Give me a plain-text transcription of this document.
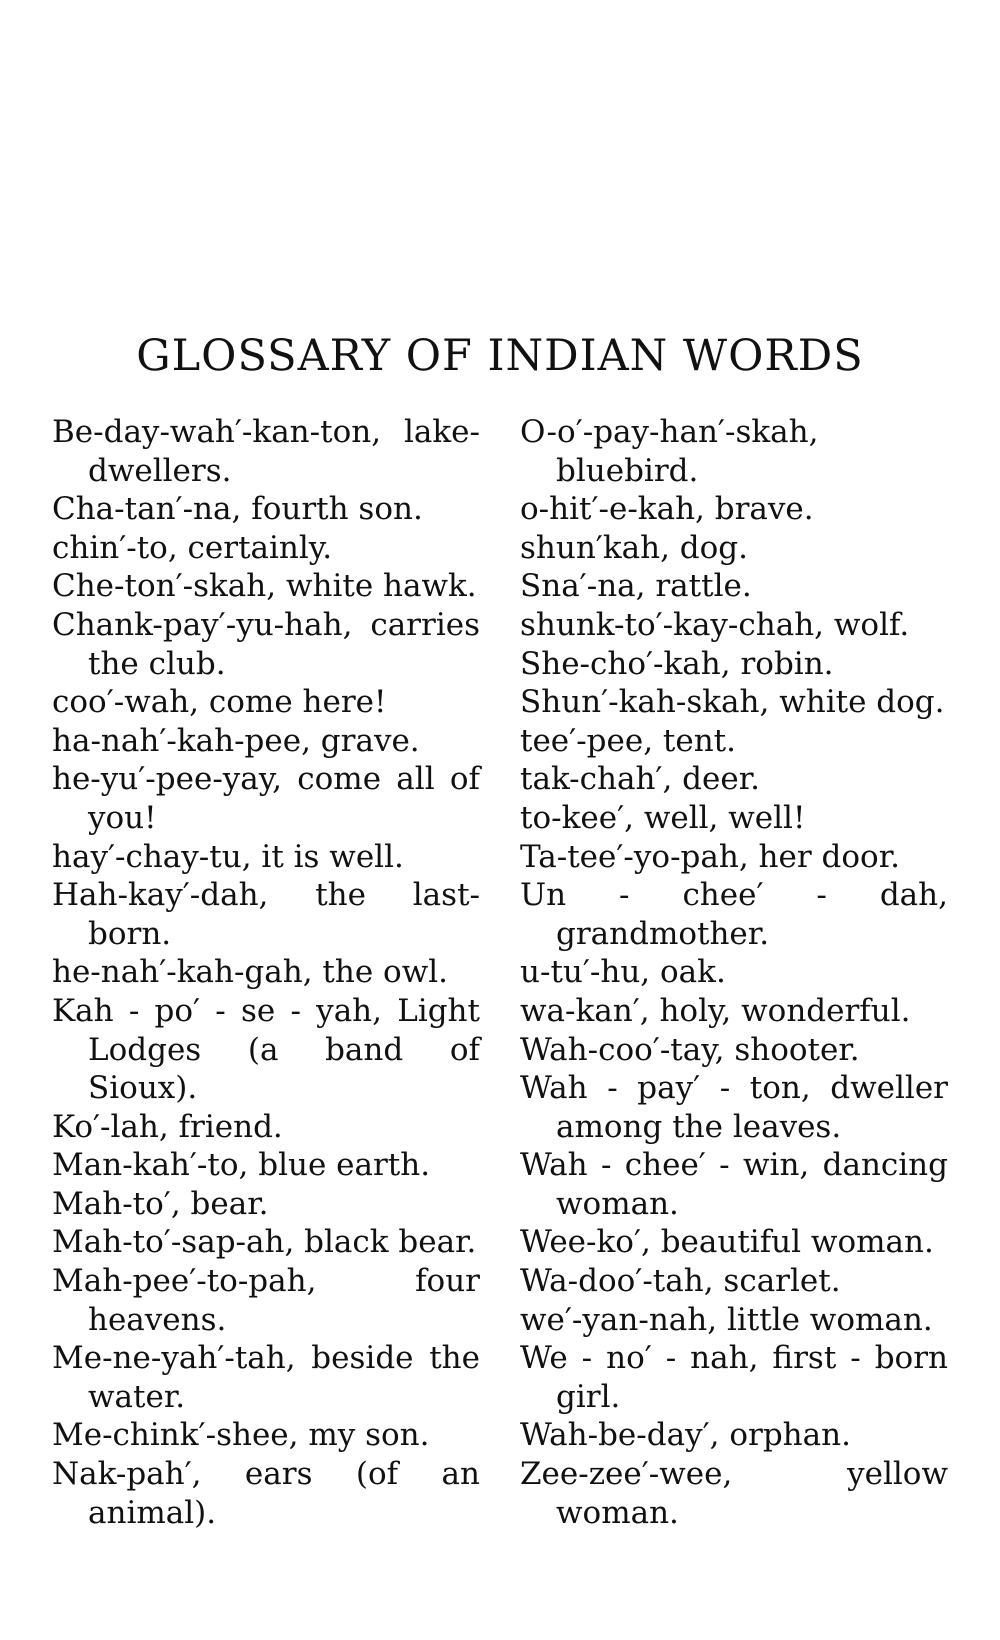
GLOSSARY OF INDIAN WORDS

Be-day-wah′-kan-ton, lake-dwellers.

Cha-tan′-na, fourth son.

chin′-to, certainly.

Che-ton′-skah, white hawk.

Chank-pay′-yu-hah, carries the club.

coo′-wah, come here!

ha-nah′-kah-pee, grave.

he-yu′-pee-yay, come all of you!

hay′-chay-tu, it is well.

Hah-kay′-dah, the last-born.

he-nah′-kah-gah, the owl.

Kah - po′ - se - yah, Light Lodges (a band of Sioux).

Ko′-lah, friend.

Man-kah′-to, blue earth.

Mah-to′, bear.

Mah-to′-sap-ah, black bear.

Mah-pee′-to-pah, four heavens.

Me-ne-yah′-tah, beside the water.

Me-chink′-shee, my son.

Nak-pah′, ears (of an animal).

O-o′-pay-han′-skah, bluebird.

o-hit′-e-kah, brave.

shun′kah, dog.

Sna′-na, rattle.

shunk-to′-kay-chah, wolf.

She-cho′-kah, robin.

Shun′-kah-skah, white dog.

tee′-pee, tent.

tak-chah′, deer.

to-kee′, well, well!

Ta-tee′-yo-pah, her door.

Un - chee′ - dah, grandmother.

u-tu′-hu, oak.

wa-kan′, holy, wonderful.

Wah-coo′-tay, shooter.

Wah - pay′ - ton, dweller among the leaves.

Wah - chee′ - win, dancing woman.

Wee-ko′, beautiful woman.

Wa-doo′-tah, scarlet.

we′-yan-nah, little woman.

We - no′ - nah, first - born girl.

Wah-be-day′, orphan.

Zee-zee′-wee, yellow woman.
